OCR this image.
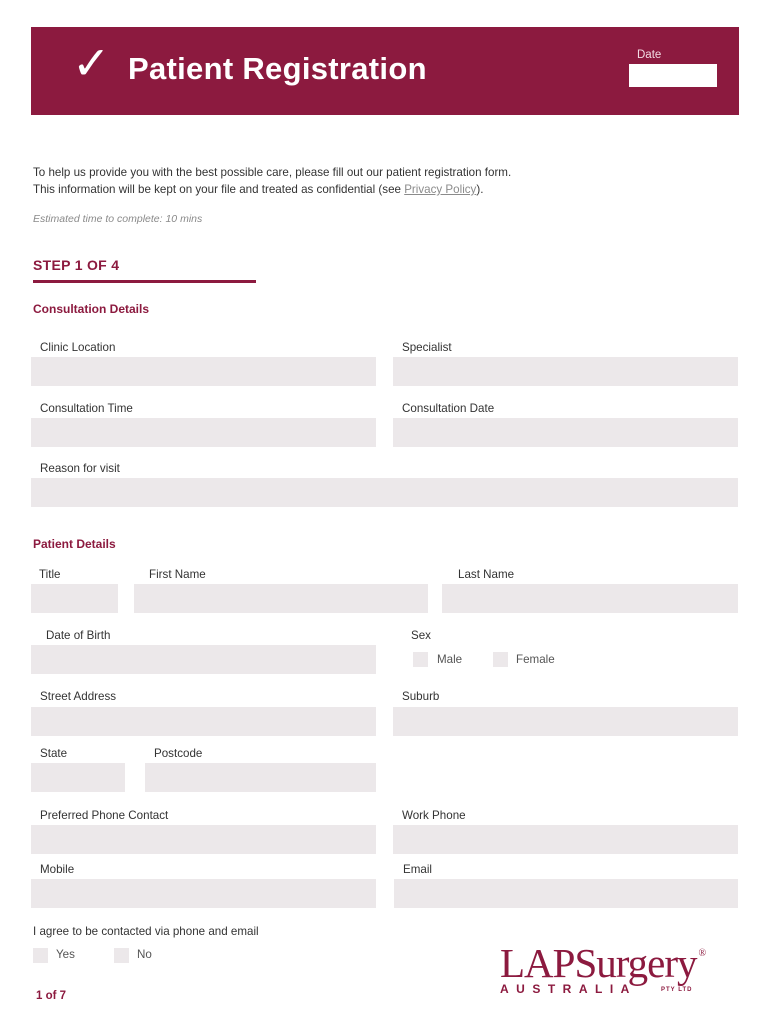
✓ Patient Registration	Date
To help us provide you with the best possible care, please fill out our patient registration form.
This information will be kept on your file and treated as confidential (see Privacy Policy).
Estimated time to complete: 10 mins
STEP 1 OF 4
Consultation Details
Clinic Location	Specialist
Consultation Time	Consultation Date
Reason for visit
Patient Details
Title	First Name	Last Name
Date of Birth	Sex
Male	Female
Street Address	Suburb
State	Postcode
Preferred Phone Contact	Work Phone
Mobile	Email
I agree to be contacted via phone and email
Yes	No
1 of 7
LAPSurgery ®
AUSTRALIA	PTY LTD
